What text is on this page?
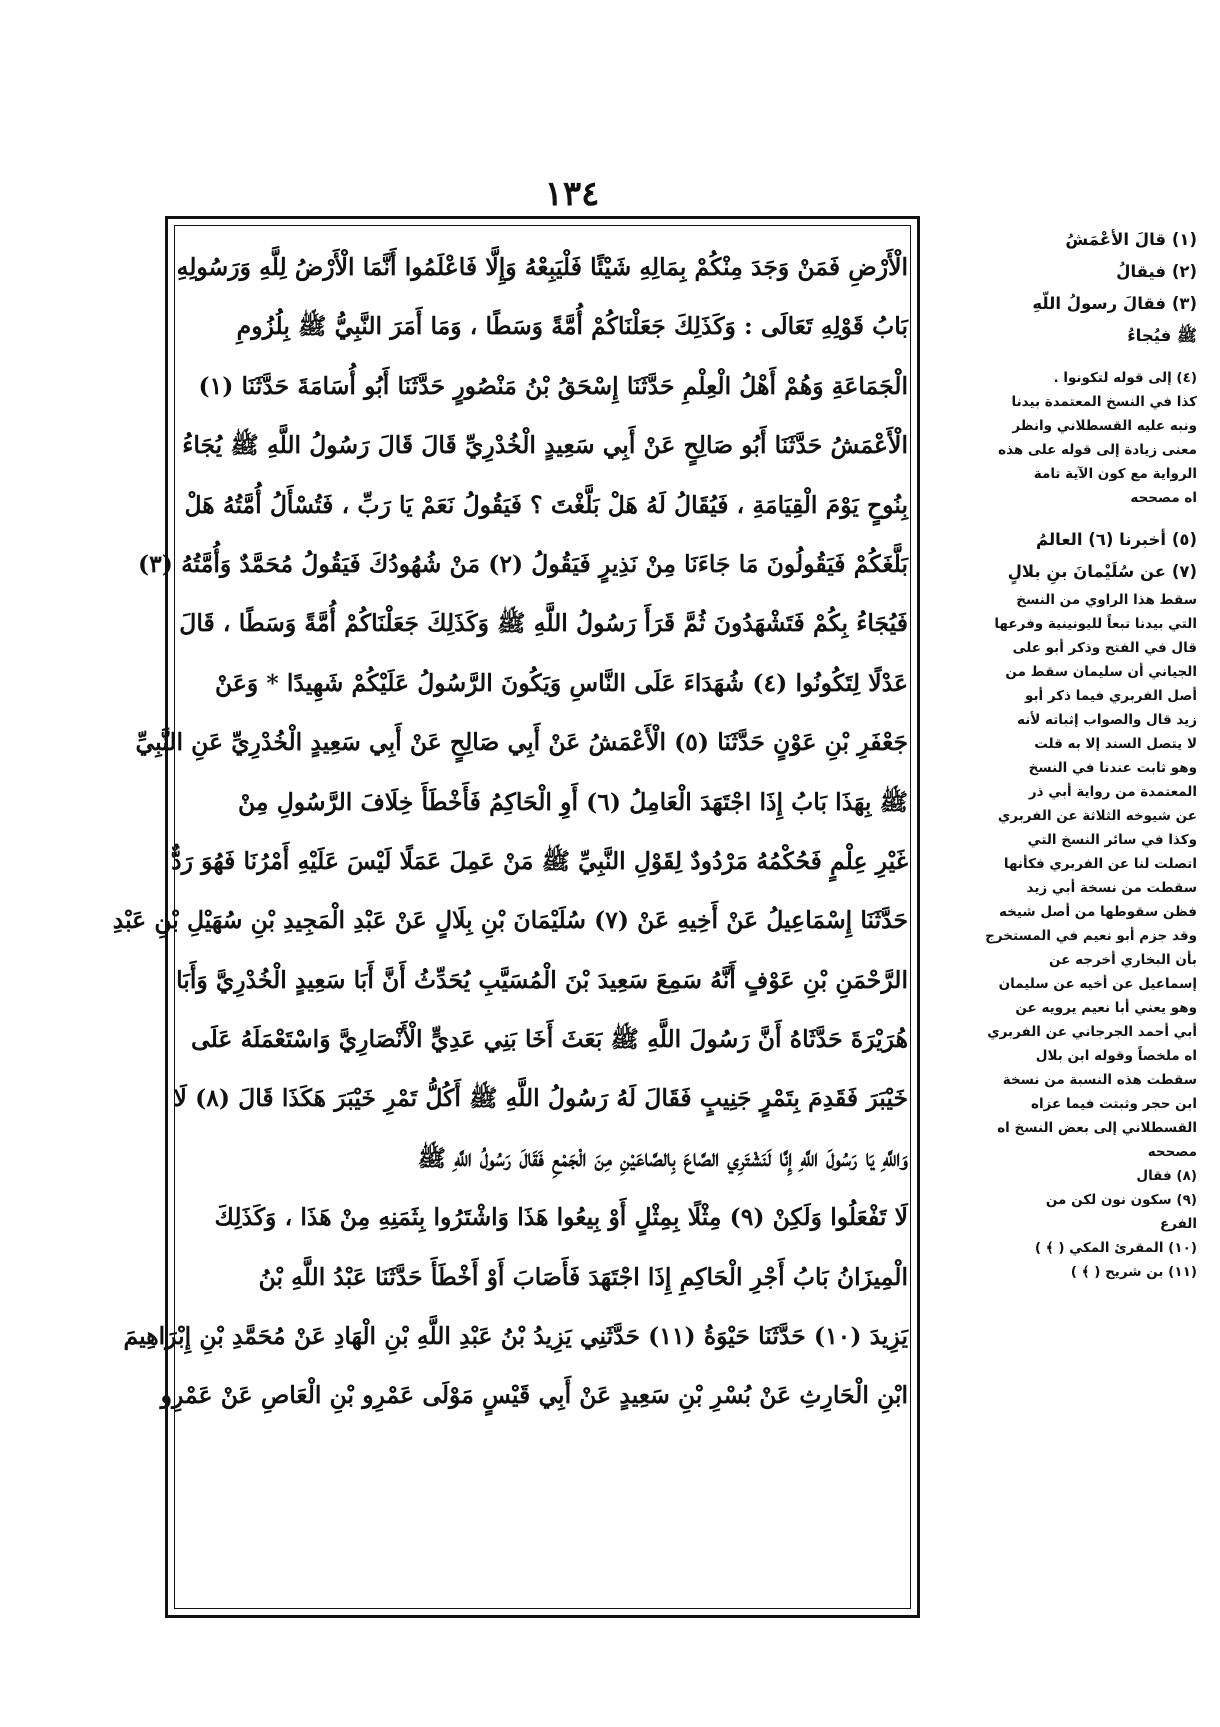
١٣٤
الْأَرْضِ فَمَنْ وَجَدَ مِنْكُمْ بِمَالِهِ شَيْئًا فَلْيَبِعْهُ وَإِلَّا فَاعْلَمُوا أَنَّمَا الْأَرْضُ لِلَّهِ وَرَسُولِهِ
بَابُ قَوْلِهِ تَعَالَى : وَكَذَلِكَ جَعَلْنَاكُمْ أُمَّةً وَسَطًا ، وَمَا أَمَرَ النَّبِيُّ ﷺ بِلُزُومِ
الْجَمَاعَةِ وَهُمْ أَهْلُ الْعِلْمِ حَدَّثَنَا إِسْحَقُ بْنُ مَنْصُورٍ حَدَّثَنَا أَبُو أُسَامَةَ حَدَّثَنَا (١)
الْأَعْمَشُ حَدَّثَنَا أَبُو صَالِحٍ عَنْ أَبِي سَعِيدٍ الْخُدْرِيِّ قَالَ قَالَ رَسُولُ اللَّهِ ﷺ يُجَاءُ
بِنُوحٍ يَوْمَ الْقِيَامَةِ ، فَيُقَالُ لَهُ هَلْ بَلَّغْتَ ؟ فَيَقُولُ نَعَمْ يَا رَبِّ ، فَتُسْأَلُ أُمَّتُهُ هَلْ
بَلَّغَكُمْ فَيَقُولُونَ مَا جَاءَنَا مِنْ نَذِيرٍ فَيَقُولُ (٢) مَنْ شُهُودُكَ فَيَقُولُ مُحَمَّدٌ وَأُمَّتُهُ (٣)
فَيُجَاءُ بِكُمْ فَتَشْهَدُونَ ثُمَّ قَرَأَ رَسُولُ اللَّهِ ﷺ وَكَذَلِكَ جَعَلْنَاكُمْ أُمَّةً وَسَطًا ، قَالَ
عَدْلًا لِتَكُونُوا (٤) شُهَدَاءَ عَلَى النَّاسِ وَيَكُونَ الرَّسُولُ عَلَيْكُمْ شَهِيدًا * وَعَنْ
جَعْفَرِ بْنِ عَوْنٍ حَدَّثَنَا (٥) الْأَعْمَشُ عَنْ أَبِي صَالِحٍ عَنْ أَبِي سَعِيدٍ الْخُدْرِيِّ عَنِ النَّبِيِّ
ﷺ بِهَذَا بَابُ إِذَا اجْتَهَدَ الْعَامِلُ (٦) أَوِ الْحَاكِمُ فَأَخْطَأَ خِلَافَ الرَّسُولِ مِنْ
غَيْرِ عِلْمٍ فَحُكْمُهُ مَرْدُودٌ لِقَوْلِ النَّبِيِّ ﷺ مَنْ عَمِلَ عَمَلًا لَيْسَ عَلَيْهِ أَمْرُنَا فَهُوَ رَدٌّ
حَدَّثَنَا إِسْمَاعِيلُ عَنْ أَخِيهِ عَنْ (٧) سُلَيْمَانَ بْنِ بِلَالٍ عَنْ عَبْدِ الْمَجِيدِ بْنِ سُهَيْلِ بْنِ عَبْدِ
الرَّحْمَنِ بْنِ عَوْفٍ أَنَّهُ سَمِعَ سَعِيدَ بْنَ الْمُسَيَّبِ يُحَدِّثُ أَنَّ أَبَا سَعِيدٍ الْخُدْرِيَّ وَأَبَا
هُرَيْرَةَ حَدَّثَاهُ أَنَّ رَسُولَ اللَّهِ ﷺ بَعَثَ أَخَا بَنِي عَدِيٍّ الْأَنْصَارِيَّ وَاسْتَعْمَلَهُ عَلَى
خَيْبَرَ فَقَدِمَ بِتَمْرٍ جَنِيبٍ فَقَالَ لَهُ رَسُولُ اللَّهِ ﷺ أَكُلُّ تَمْرِ خَيْبَرَ هَكَذَا قَالَ (٨) لَا
وَاللَّهِ يَا رَسُولَ اللَّهِ إِنَّا لَنَشْتَرِي الصَّاعَ بِالصَّاعَيْنِ مِنَ الْجَمْعِ فَقَالَ رَسُولُ اللَّهِ ﷺ
لَا تَفْعَلُوا وَلَكِنْ (٩) مِثْلًا بِمِثْلٍ أَوْ بِيعُوا هَذَا وَاشْتَرُوا بِثَمَنِهِ مِنْ هَذَا ، وَكَذَلِكَ
الْمِيزَانُ بَابُ أَجْرِ الْحَاكِمِ إِذَا اجْتَهَدَ فَأَصَابَ أَوْ أَخْطَأَ حَدَّثَنَا عَبْدُ اللَّهِ بْنُ
يَزِيدَ (١٠) حَدَّثَنَا حَيْوَةُ (١١) حَدَّثَنِي يَزِيدُ بْنُ عَبْدِ اللَّهِ بْنِ الْهَادِ عَنْ مُحَمَّدِ بْنِ إِبْرَاهِيمَ
ابْنِ الْحَارِثِ عَنْ بُسْرِ بْنِ سَعِيدٍ عَنْ أَبِي قَيْسٍ مَوْلَى عَمْرِو بْنِ الْعَاصِ عَنْ عَمْرِو
(١) قالَ الأعْمَشُ
(٢) فيقالُ
(٣) فقالَ رسولُ اللّهِ
ﷺ فيُجاءُ
(٤) إلى قوله لتكونوا .
كذا في النسخ المعتمدة بيدنا
ونبه عليه القسطلاني وانظر
معنى زيادة إلى قوله على هذه
الرواية مع كون الآية تامة
اه مصححه
(٥) أخبرنا (٦) العالمُ
(٧) عن سُلَيْمانَ بنِ بلالٍ
سقط هذا الراوي من النسخ
التي بيدنا تبعاً لليونينية وفرعها
قال في الفتح وذكر أبو على
الجياني أن سليمان سقط من
أصل الفربري فيما ذكر أبو
زيد قال والصواب إثباته لأنه
لا يتصل السند إلا به قلت
وهو ثابت عندنا في النسخ
المعتمدة من رواية أبي ذر
عن شيوخه الثلاثة عن الفربري
وكذا في سائر النسخ التي
اتصلت لنا عن الفربري فكأنها
سقطت من نسخة أبي زيد
فظن سقوطها من أصل شيخه
وقد جزم أبو نعيم في المستخرج
بأن البخاري أخرجه عن
إسماعيل عن أخيه عن سليمان
وهو يعني أبا نعيم يرويه عن
أبي أحمد الجرجاني عن الفربري
اه ملخصاً وقوله ابن بلال
سقطت هذه النسبة من نسخة
ابن حجر وثبتت فيما عزاه
القسطلاني إلى بعض النسخ اه
مصححه
(٨) فقال
(٩) سكون نون لكن من
الفرع
(١٠) المقرئ المكي ( ﴾ )
(١١) بن شريح ( ﴾ )
